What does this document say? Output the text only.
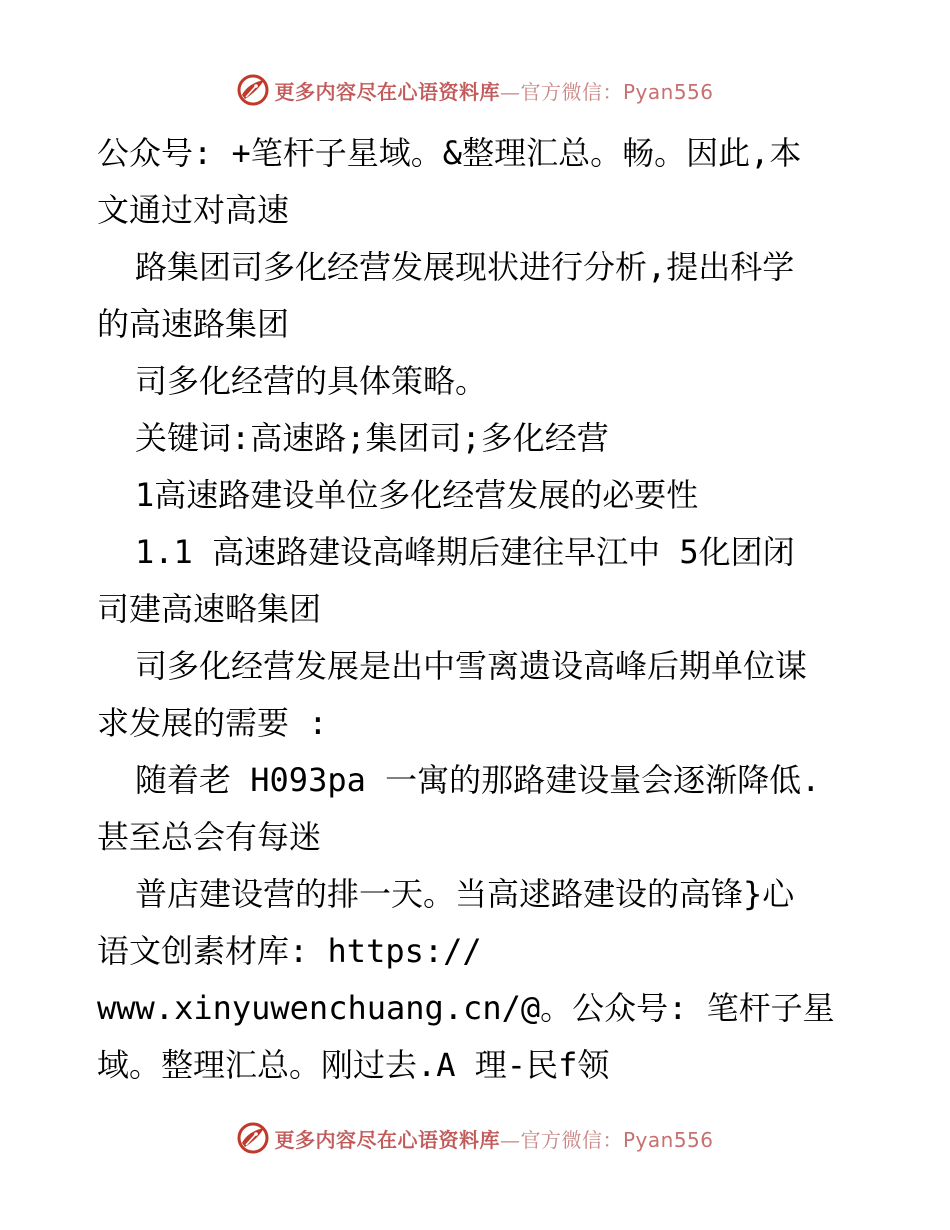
更多内容尽在心语资料库—官方微信：Pyan556
公众号: +笔杆子星域。&整理汇总。畅。因此,本
文通过对高速
路集团司多化经营发展现状进行分析,提出科学
的高速路集团
司多化经营的具体策略。
关键词:高速路;集团司;多化经营
1高速路建设单位多化经营发展的必要性
1.1 高速路建设高峰期后建往早江中 5化团闭
司建高速略集团
司多化经营发展是出中雪离遗设高峰后期单位谋
求发展的需要 :
随着老 H093pa 一寓的那路建设量会逐渐降低.
甚至总会有每迷
普店建设营的排一天。当高逑路建设的高锋}心
语文创素材库: https://
www.xinyuwenchuang.cn/@。公众号: 笔杆子星
域。整理汇总。刚过去.A 理-民f领
更多内容尽在心语资料库—官方微信：Pyan556
